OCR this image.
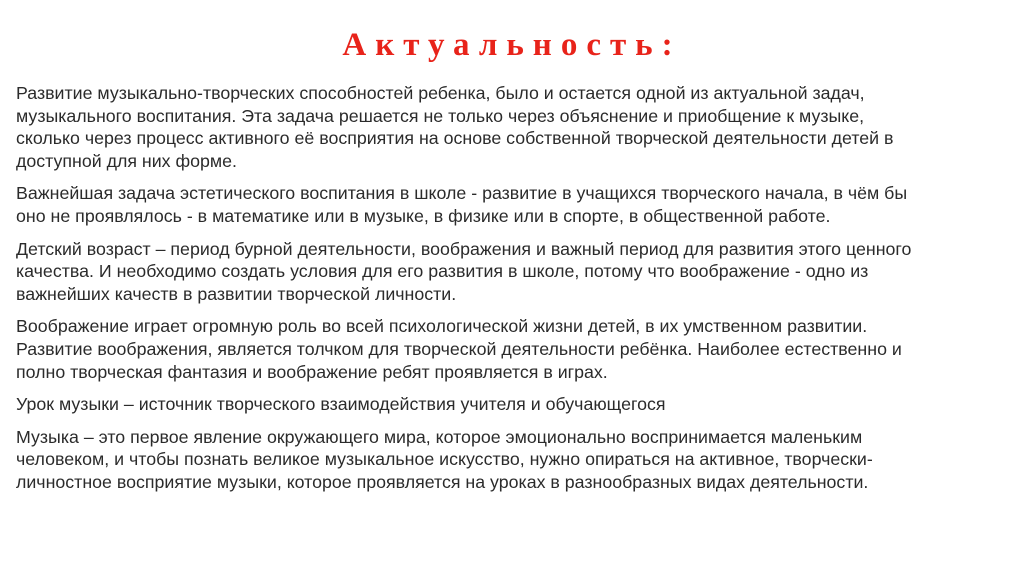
Актуальность:

Развитие музыкально-творческих способностей ребенка, было и остается одной из актуальной задач,
музыкального воспитания. Эта задача решается не только через объяснение и приобщение к музыке,
сколько через процесс активного её восприятия на основе собственной творческой деятельности детей в
доступной для них форме.

Важнейшая задача эстетического воспитания в школе - развитие в учащихся творческого начала, в чём бы
оно не проявлялось - в математике или в музыке, в физике или в спорте, в общественной работе.

Детский возраст – период бурной деятельности, воображения и важный период для развития этого ценного
качества. И необходимо создать условия для его развития в школе, потому что воображение - одно из
важнейших качеств в развитии творческой личности.

Воображение играет огромную роль во всей психологической жизни детей, в их умственном развитии.
Развитие воображения, является толчком для творческой деятельности ребёнка. Наиболее естественно и
полно творческая фантазия и воображение ребят проявляется в играх.

Урок музыки – источник творческого взаимодействия учителя и обучающегося

Музыка – это первое явление окружающего мира, которое эмоционально воспринимается маленьким
человеком, и чтобы познать великое музыкальное искусство, нужно опираться на активное, творчески-
личностное восприятие музыки, которое проявляется на уроках в разнообразных видах деятельности.
